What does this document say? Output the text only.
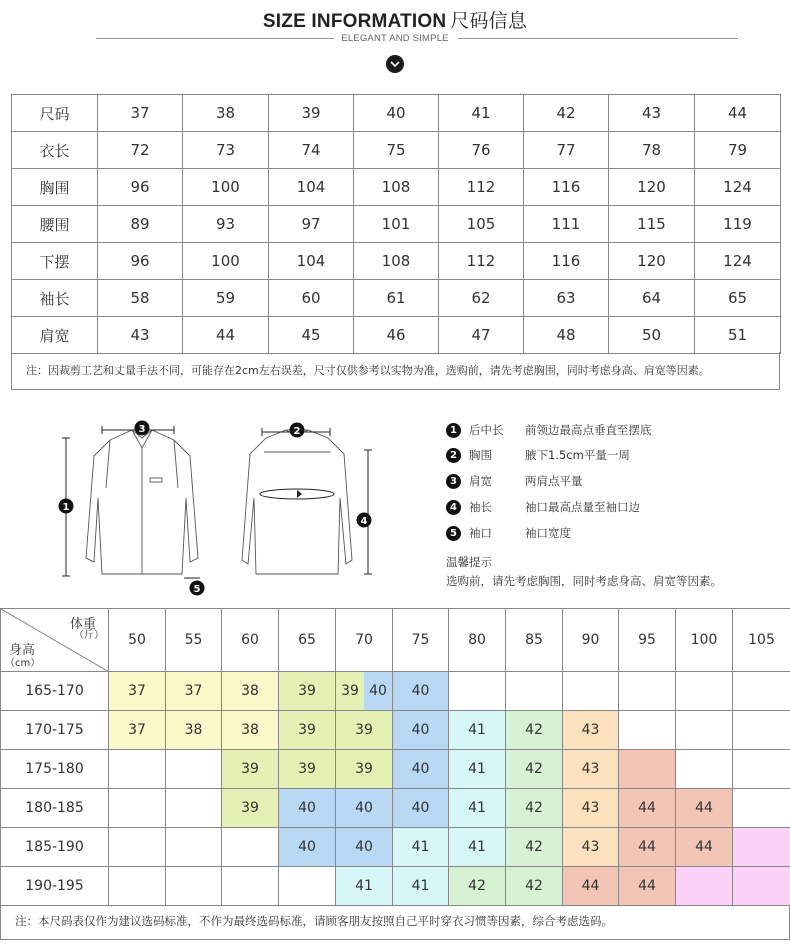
SIZE INFORMATION 尺码信息
ELEGANT AND SIMPLE
尺码	37	38	39	40	41	42	43	44
衣长	72	73	74	75	76	77	78	79
胸围	96	100	104	108	112	116	120	124
腰围	89	93	97	101	105	111	115	119
下摆	96	100	104	108	112	116	120	124
袖长	58	59	60	61	62	63	64	65
肩宽	43	44	45	46	47	48	50	51
注：因裁剪工艺和丈量手法不同，可能存在2cm左右误差，尺寸仅供参考以实物为准，选购前，请先考虑胸围，同时考虑身高、肩宽等因素。
1
2
3
4
5
1 后中长 前领边最高点垂直至摆底
2 胸围	腋下1.5cm平量一周
3 肩宽	两肩点平量
4 袖长	袖口最高点量至袖口边
5 袖口	袖口宽度
温馨提示
选购前，请先考虑胸围，同时考虑身高、肩宽等因素。
体重
（斤）
身高
（cm）	50	55	60	65	70	75	80	85	90	95	100	105
165-170	37	37	38	39	39 40	40						
170-175	37	38	38	39	39	40	41	42	43			
175-180			39	39	39	40	41	42	43			
180-185			39	40	40	40	41	42	43	44	44	
185-190				40	40	41	41	42	43	44	44	
190-195					41	41	42	42	44	44		
注：本尺码表仅作为建议选码标准，不作为最终选码标准，请顾客朋友按照自己平时穿衣习惯等因素，综合考虑选码。
